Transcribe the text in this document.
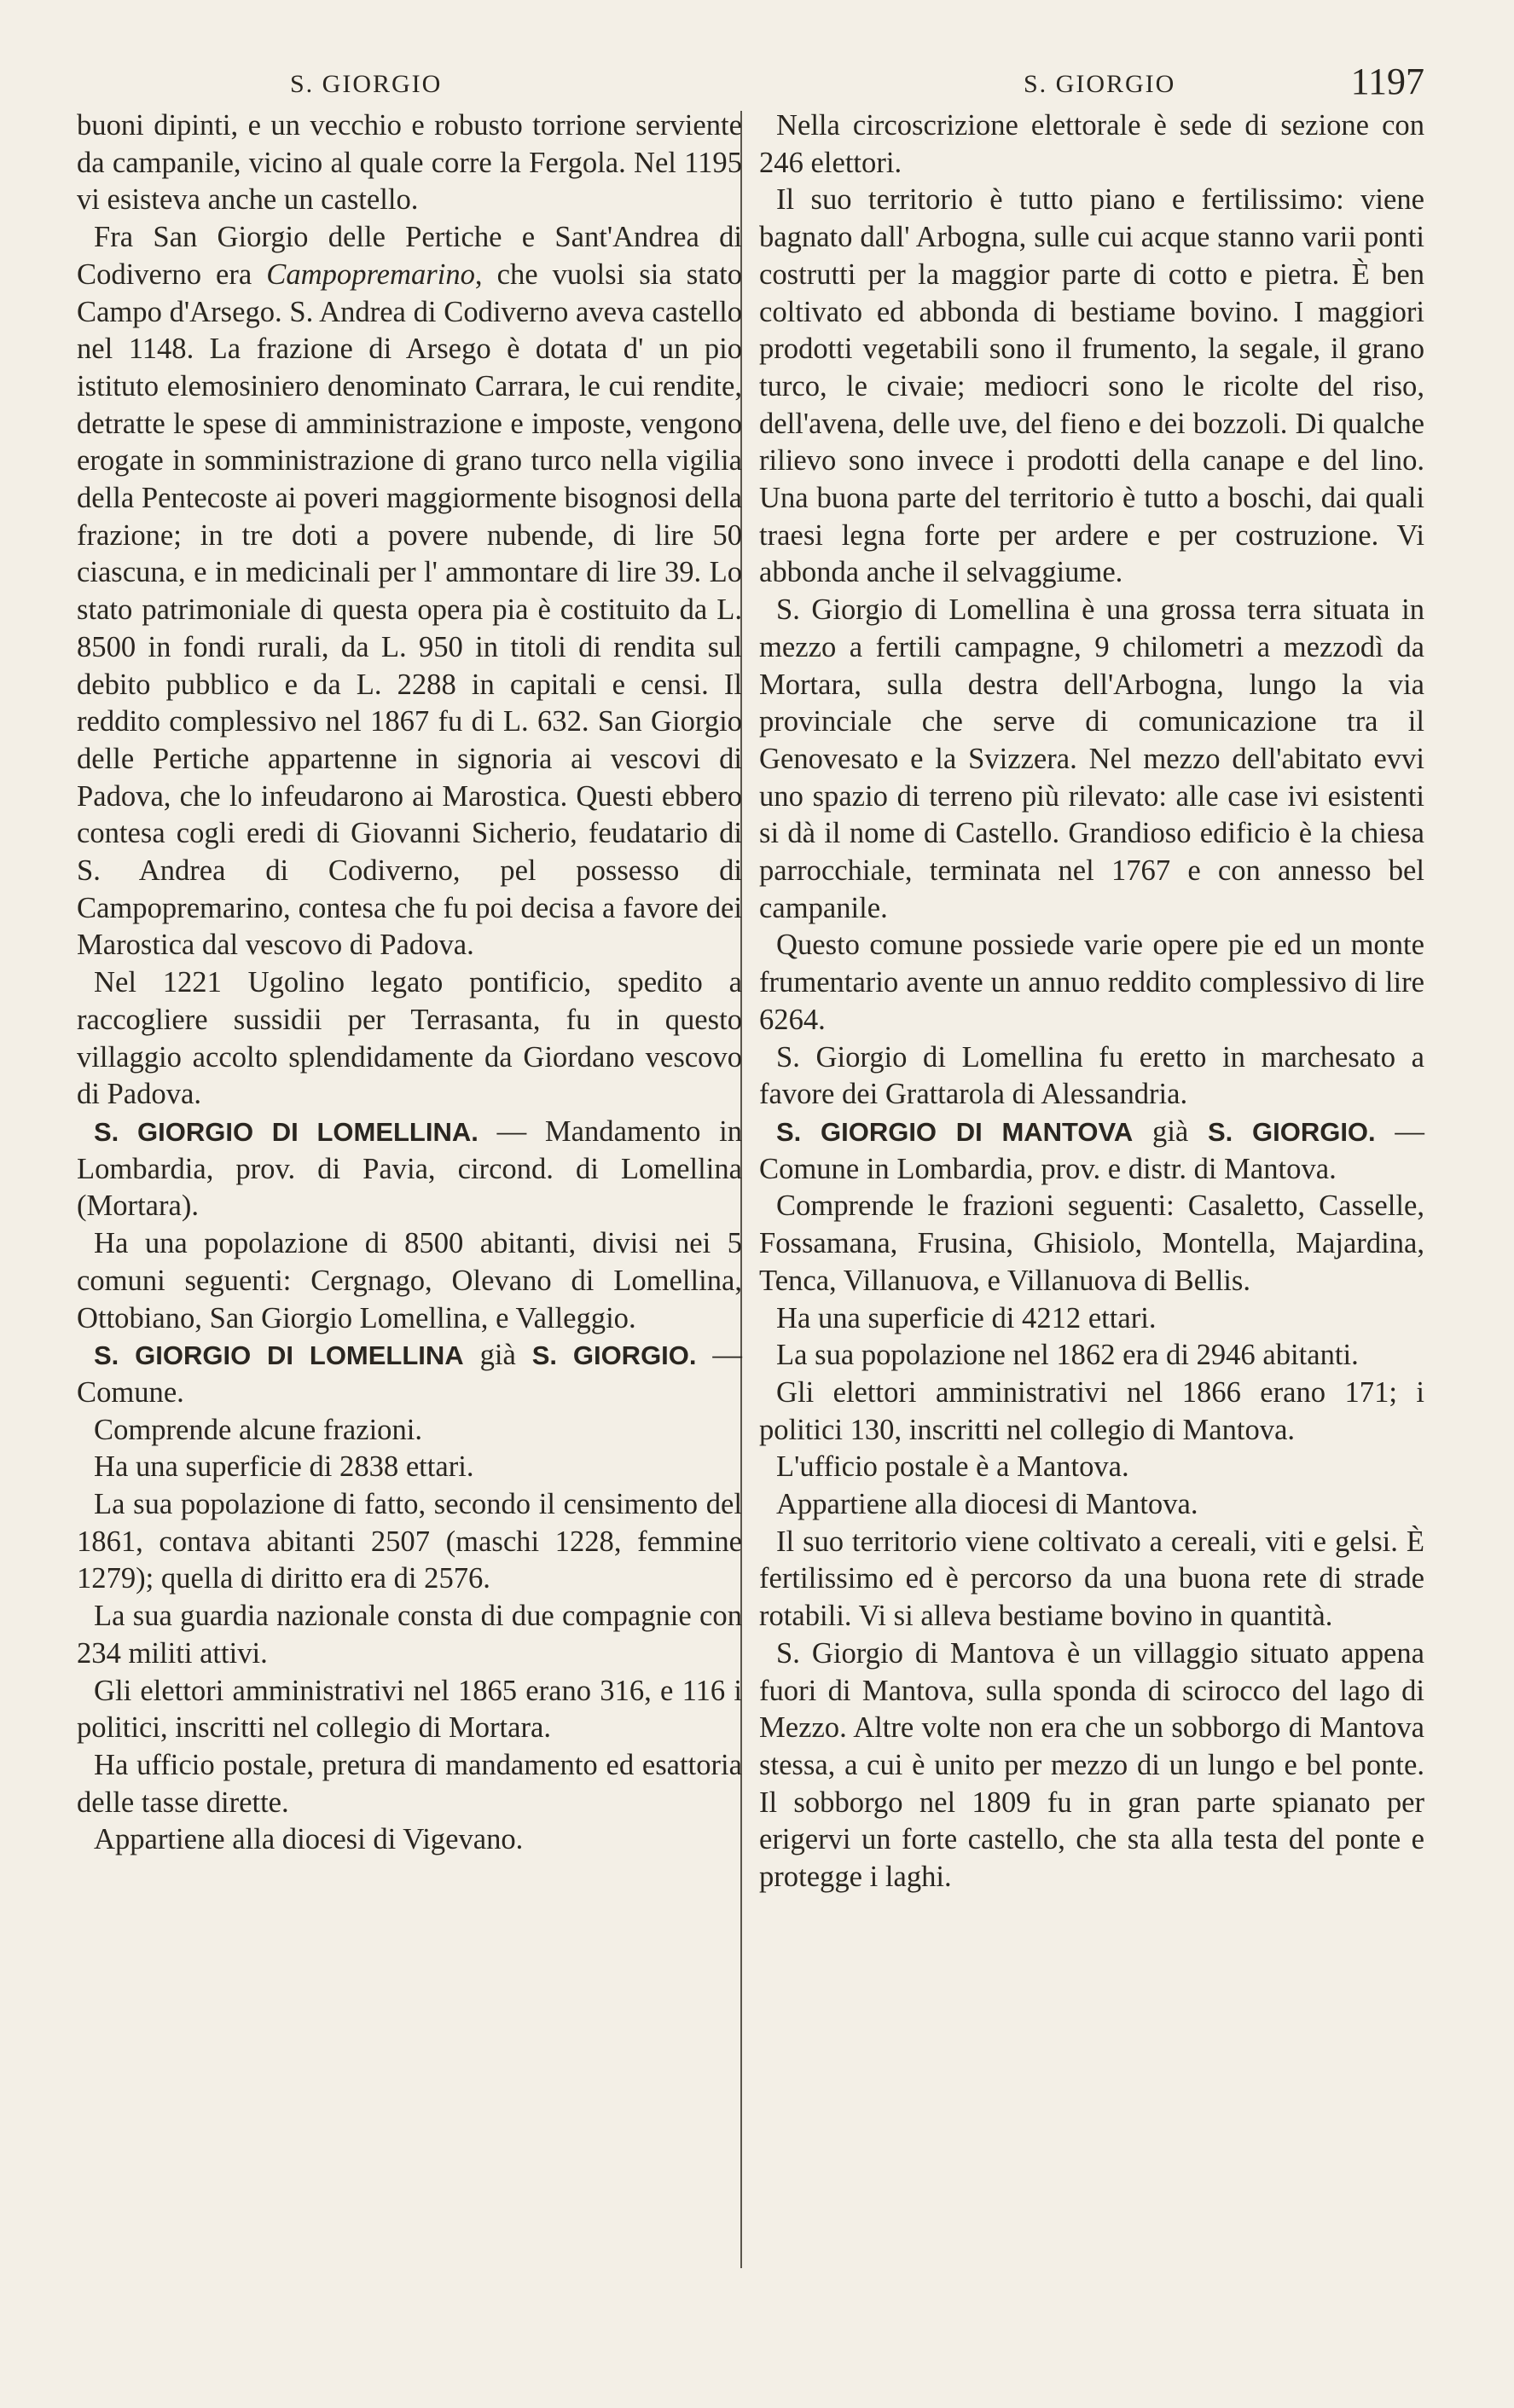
S. GIORGIO	S. GIORGIO	1197

buoni dipinti, e un vecchio e robusto torrione serviente da campanile, vicino al quale corre la Fergola. Nel 1195 vi esisteva anche un castello.

Fra San Giorgio delle Pertiche e Sant'Andrea di Codiverno era Campopremarino, che vuolsi sia stato Campo d'Arsego. S. Andrea di Codiverno aveva castello nel 1148. La frazione di Arsego è dotata d' un pio istituto elemosiniero denominato Carrara, le cui rendite, detratte le spese di amministrazione e imposte, vengono erogate in somministrazione di grano turco nella vigilia della Pentecoste ai poveri maggiormente bisognosi della frazione; in tre doti a povere nubende, di lire 50 ciascuna, e in medicinali per l' ammontare di lire 39. Lo stato patrimoniale di questa opera pia è costituito da L. 8500 in fondi rurali, da L. 950 in titoli di rendita sul debito pubblico e da L. 2288 in capitali e censi. Il reddito complessivo nel 1867 fu di L. 632. San Giorgio delle Pertiche appartenne in signoria ai vescovi di Padova, che lo infeudarono ai Marostica. Questi ebbero contesa cogli eredi di Giovanni Sicherio, feudatario di S. Andrea di Codiverno, pel possesso di Campopremarino, contesa che fu poi decisa a favore dei Marostica dal vescovo di Padova.

Nel 1221 Ugolino legato pontificio, spedito a raccogliere sussidii per Terrasanta, fu in questo villaggio accolto splendidamente da Giordano vescovo di Padova.

S. GIORGIO DI LOMELLINA. — Mandamento in Lombardia, prov. di Pavia, circond. di Lomellina (Mortara).

Ha una popolazione di 8500 abitanti, divisi nei 5 comuni seguenti: Cergnago, Olevano di Lomellina, Ottobiano, San Giorgio Lomellina, e Valleggio.

S. GIORGIO DI LOMELLINA già S. GIORGIO. — Comune.

Comprende alcune frazioni.

Ha una superficie di 2838 ettari.

La sua popolazione di fatto, secondo il censimento del 1861, contava abitanti 2507 (maschi 1228, femmine 1279); quella di diritto era di 2576.

La sua guardia nazionale consta di due compagnie con 234 militi attivi.

Gli elettori amministrativi nel 1865 erano 316, e 116 i politici, inscritti nel collegio di Mortara.

Ha ufficio postale, pretura di mandamento ed esattoria delle tasse dirette.

Appartiene alla diocesi di Vigevano.

Nella circoscrizione elettorale è sede di sezione con 246 elettori.

Il suo territorio è tutto piano e fertilissimo: viene bagnato dall' Arbogna, sulle cui acque stanno varii ponti costrutti per la maggior parte di cotto e pietra. È ben coltivato ed abbonda di bestiame bovino. I maggiori prodotti vegetabili sono il frumento, la segale, il grano turco, le civaie; mediocri sono le ricolte del riso, dell'avena, delle uve, del fieno e dei bozzoli. Di qualche rilievo sono invece i prodotti della canape e del lino. Una buona parte del territorio è tutto a boschi, dai quali traesi legna forte per ardere e per costruzione. Vi abbonda anche il selvaggiume.

S. Giorgio di Lomellina è una grossa terra situata in mezzo a fertili campagne, 9 chilometri a mezzodì da Mortara, sulla destra dell'Arbogna, lungo la via provinciale che serve di comunicazione tra il Genovesato e la Svizzera. Nel mezzo dell'abitato evvi uno spazio di terreno più rilevato: alle case ivi esistenti si dà il nome di Castello. Grandioso edificio è la chiesa parrocchiale, terminata nel 1767 e con annesso bel campanile.

Questo comune possiede varie opere pie ed un monte frumentario avente un annuo reddito complessivo di lire 6264.

S. Giorgio di Lomellina fu eretto in marchesato a favore dei Grattarola di Alessandria.

S. GIORGIO DI MANTOVA già S. GIORGIO. — Comune in Lombardia, prov. e distr. di Mantova.

Comprende le frazioni seguenti: Casaletto, Casselle, Fossamana, Frusina, Ghisiolo, Montella, Majardina, Tenca, Villanuova, e Villanuova di Bellis.

Ha una superficie di 4212 ettari.

La sua popolazione nel 1862 era di 2946 abitanti.

Gli elettori amministrativi nel 1866 erano 171; i politici 130, inscritti nel collegio di Mantova.

L'ufficio postale è a Mantova.

Appartiene alla diocesi di Mantova.

Il suo territorio viene coltivato a cereali, viti e gelsi. È fertilissimo ed è percorso da una buona rete di strade rotabili. Vi si alleva bestiame bovino in quantità.

S. Giorgio di Mantova è un villaggio situato appena fuori di Mantova, sulla sponda di scirocco del lago di Mezzo. Altre volte non era che un sobborgo di Mantova stessa, a cui è unito per mezzo di un lungo e bel ponte. Il sobborgo nel 1809 fu in gran parte spianato per erigervi un forte castello, che sta alla testa del ponte e protegge i laghi.
